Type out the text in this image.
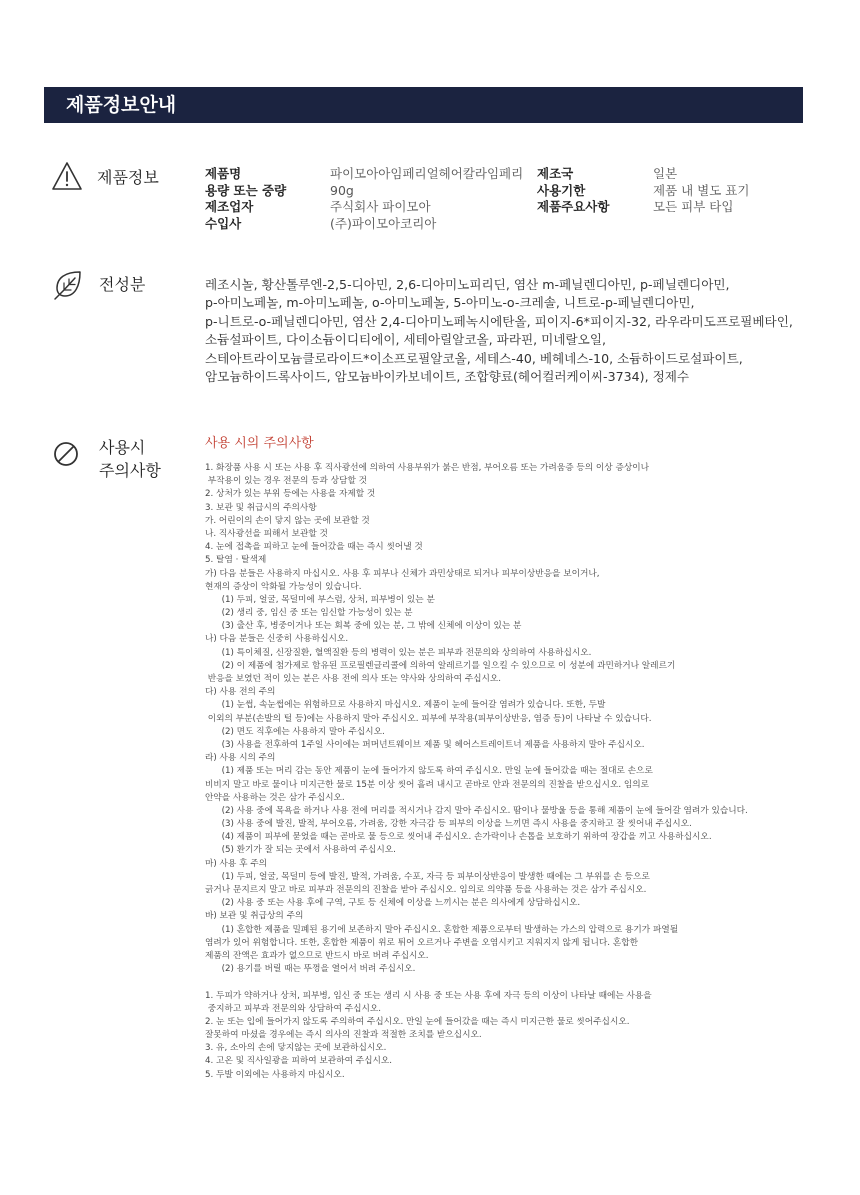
제품정보안내
제품정보	제품명
용량 또는 중량
제조업자
수입사
파이모아아임페리얼헤어칼라임페리
90g
주식회사 파이모아
(주)파이모아코리아
제조국
사용기한
제품주요사항
일본
제품 내 별도 표기
모든 피부 타입
전성분	레조시놀, 황산톨루엔-2,5-디아민, 2,6-디아미노피리딘, 염산 m-페닐렌디아민, p-페닐렌디아민,
p-아미노페놀, m-아미노페놀, o-아미노페놀, 5-아미노-o-크레솔, 니트로-p-페닐렌디아민,
p-니트로-o-페닐렌디아민, 염산 2,4-디아미노페녹시에탄올, 피이지-6*피이지-32, 라우라미도프로필베타인,
소듐설파이트, 다이소듐이디티에이, 세테아릴알코올, 파라핀, 미네랄오일,
스테아트라이모늄클로라이드*이소프로필알코올, 세테스-40, 베헤네스-10, 소듐하이드로설파이트,
암모늄하이드록사이드, 암모늄바이카보네이트, 조합향료(헤어컬러케이씨-3734), 정제수
사용시
주의사항
사용 시의 주의사항
1. 화장품 사용 시 또는 사용 후 직사광선에 의하여 사용부위가 붉은 반점, 부어오름 또는 가려움증 등의 이상 증상이나
부작용이 있는 경우 전문의 등과 상담할 것
2. 상처가 있는 부위 등에는 사용을 자제할 것
3. 보관 및 취급시의 주의사항
가. 어린이의 손이 닿지 않는 곳에 보관할 것
나. 직사광선을 피해서 보관할 것
4. 눈에 접촉을 피하고 눈에 들어갔을 때는 즉시 씻어낼 것
5. 탈염 · 탈색제
가) 다음 분들은 사용하지 마십시오. 사용 후 피부나 신체가 과민상태로 되거나 피부이상반응을 보이거나,
현재의 증상이 악화될 가능성이 있습니다.
(1) 두피, 얼굴, 목덜미에 부스럼, 상처, 피부병이 있는 분
(2) 생리 중, 임신 중 또는 임신할 가능성이 있는 분
(3) 출산 후, 병중이거나 또는 회복 중에 있는 분, 그 밖에 신체에 이상이 있는 분
나) 다음 분들은 신중히 사용하십시오.
(1) 특이체질, 신장질환, 혈액질환 등의 병력이 있는 분은 피부과 전문의와 상의하여 사용하십시오.
(2) 이 제품에 첨가제로 함유된 프로필렌글리콜에 의하여 알레르기를 일으킬 수 있으므로 이 성분에 과민하거나 알레르기
반응을 보였던 적이 있는 분은 사용 전에 의사 또는 약사와 상의하여 주십시오.
다) 사용 전의 주의
(1) 눈썹, 속눈썹에는 위험하므로 사용하지 마십시오. 제품이 눈에 들어갈 염려가 있습니다. 또한, 두발
이외의 부분(손발의 털 등)에는 사용하지 말아 주십시오. 피부에 부작용(피부이상반응, 염증 등)이 나타날 수 있습니다.
(2) 면도 직후에는 사용하지 말아 주십시오.
(3) 사용을 전후하여 1주일 사이에는 퍼머넌트웨이브 제품 및 헤어스트레이트너 제품을 사용하지 말아 주십시오.
라) 사용 시의 주의
(1) 제품 또는 머리 감는 동안 제품이 눈에 들어가지 않도록 하여 주십시오. 만일 눈에 들어갔을 때는 절대로 손으로
비비지 말고 바로 물이나 미지근한 물로 15분 이상 씻어 흘려 내시고 곧바로 안과 전문의의 진찰을 받으십시오. 임의로
안약을 사용하는 것은 삼가 주십시오.
(2) 사용 중에 목욕을 하거나 사용 전에 머리를 적시거나 감지 말아 주십시오. 땀이나 물방울 등을 통해 제품이 눈에 들어갈 염려가 있습니다.
(3) 사용 중에 발진, 발적, 부어오름, 가려움, 강한 자극감 등 피부의 이상을 느끼면 즉시 사용을 중지하고 잘 씻어내 주십시오.
(4) 제품이 피부에 묻었을 때는 곧바로 물 등으로 씻어내 주십시오. 손가락이나 손톱을 보호하기 위하여 장갑을 끼고 사용하십시오.
(5) 환기가 잘 되는 곳에서 사용하여 주십시오.
마) 사용 후 주의
(1) 두피, 얼굴, 목덜미 등에 발진, 발적, 가려움, 수포, 자극 등 피부이상반응이 발생한 때에는 그 부위를 손 등으로
긁거나 문지르지 말고 바로 피부과 전문의의 진찰을 받아 주십시오. 임의로 의약품 등을 사용하는 것은 삼가 주십시오.
(2) 사용 중 또는 사용 후에 구역, 구토 등 신체에 이상을 느끼시는 분은 의사에게 상담하십시오.
바) 보관 및 취급상의 주의
(1) 혼합한 제품을 밀폐된 용기에 보존하지 말아 주십시오. 혼합한 제품으로부터 발생하는 가스의 압력으로 용기가 파열될
염려가 있어 위험합니다. 또한, 혼합한 제품이 위로 튀어 오르거나 주변을 오염시키고 지워지지 않게 됩니다. 혼합한
제품의 잔액은 효과가 없으므로 반드시 바로 버려 주십시오.
(2) 용기를 버릴 때는 뚜껑을 열어서 버려 주십시오.
1. 두피가 약하거나 상처, 피부병, 임신 중 또는 생리 시 사용 중 또는 사용 후에 자극 등의 이상이 나타날 때에는 사용을
중지하고 피부과 전문의와 상담하여 주십시오.
2. 눈 또는 입에 들어가지 않도록 주의하여 주십시오. 만일 눈에 들어갔을 때는 즉시 미지근한 물로 씻어주십시오.
잘못하여 마셨을 경우에는 즉시 의사의 진찰과 적절한 조치를 받으십시오.
3. 유, 소아의 손에 닿지않는 곳에 보관하십시오.
4. 고온 및 직사일광을 피하여 보관하여 주십시오.
5. 두발 이외에는 사용하지 마십시오.
